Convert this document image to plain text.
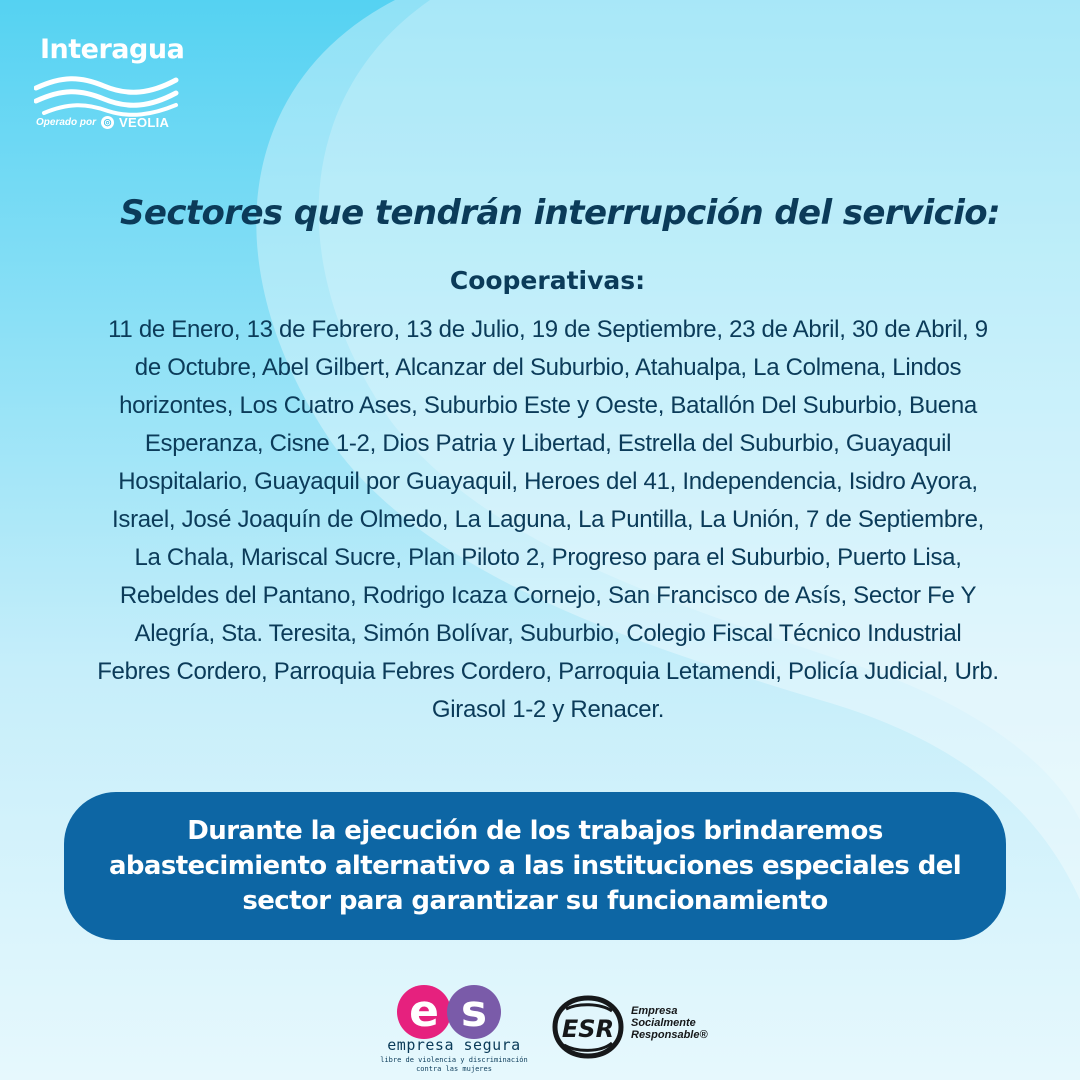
Interagua
Operado por ◎ VEOLIA
Sectores que tendrán interrupción del servicio:
Cooperativas:

11 de Enero, 13 de Febrero, 13 de Julio, 19 de Septiembre, 23 de Abril, 30 de Abril, 9 de Octubre, Abel Gilbert, Alcanzar del Suburbio, Atahualpa, La Colmena, Lindos horizontes, Los Cuatro Ases, Suburbio Este y Oeste, Batallón Del Suburbio, Buena Esperanza, Cisne 1-2, Dios Patria y Libertad, Estrella del Suburbio, Guayaquil Hospitalario, Guayaquil por Guayaquil, Heroes del 41, Independencia, Isidro Ayora, Israel, José Joaquín de Olmedo, La Laguna, La Puntilla, La Unión, 7 de Septiembre, La Chala, Mariscal Sucre, Plan Piloto 2, Progreso para el Suburbio, Puerto Lisa, Rebeldes del Pantano, Rodrigo Icaza Cornejo, San Francisco de Asís, Sector Fe Y Alegría, Sta. Teresita, Simón Bolívar, Suburbio, Colegio Fiscal Técnico Industrial Febres Cordero, Parroquia Febres Cordero, Parroquia Letamendi, Policía Judicial, Urb. Girasol 1-2 y Renacer.

Durante la ejecución de los trabajos brindaremos abastecimiento alternativo a las instituciones especiales del sector para garantizar su funcionamiento

e s
empresa segura
libre de violencia y discriminación
contra las mujeres
ESR
Empresa
Socialmente
Responsable®
